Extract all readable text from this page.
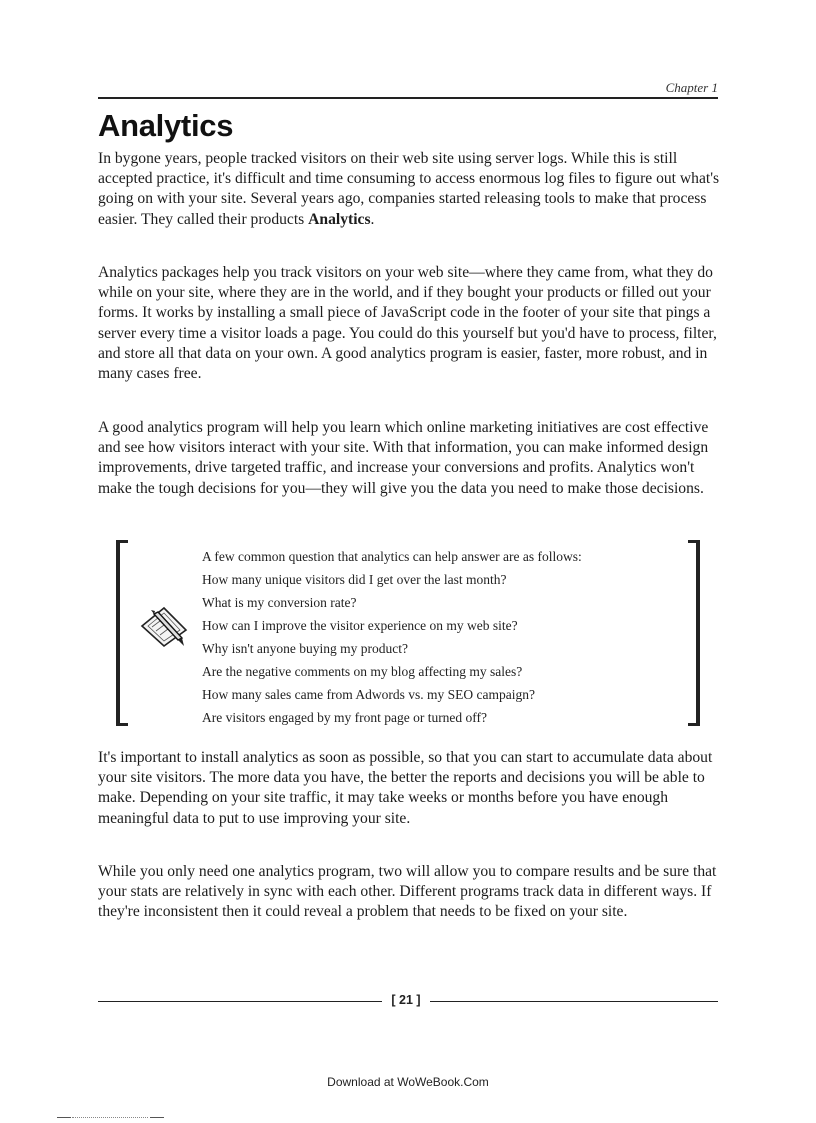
Chapter 1
Analytics

In bygone years, people tracked visitors on their web site using server logs. While this is still accepted practice, it's difficult and time consuming to access enormous log files to figure out what's going on with your site. Several years ago, companies started releasing tools to make that process easier. They called their products Analytics.

Analytics packages help you track visitors on your web site—where they came from, what they do while on your site, where they are in the world, and if they bought your products or filled out your forms. It works by installing a small piece of JavaScript code in the footer of your site that pings a server every time a visitor loads a page. You could do this yourself but you'd have to process, filter, and store all that data on your own. A good analytics program is easier, faster, more robust, and in many cases free.

A good analytics program will help you learn which online marketing initiatives are cost effective and see how visitors interact with your site. With that information, you can make informed design improvements, drive targeted traffic, and increase your conversions and profits. Analytics won't make the tough decisions for you—they will give you the data you need to make those decisions.

A few common question that analytics can help answer are as follows:
How many unique visitors did I get over the last month?
What is my conversion rate?
How can I improve the visitor experience on my web site?
Why isn't anyone buying my product?
Are the negative comments on my blog affecting my sales?
How many sales came from Adwords vs. my SEO campaign?
Are visitors engaged by my front page or turned off?

It's important to install analytics as soon as possible, so that you can start to accumulate data about your site visitors. The more data you have, the better the reports and decisions you will be able to make. Depending on your site traffic, it may take weeks or months before you have enough meaningful data to put to use improving your site.

While you only need one analytics program, two will allow you to compare results and be sure that your stats are relatively in sync with each other. Different programs track data in different ways. If they're inconsistent then it could reveal a problem that needs to be fixed on your site.

[ 21 ]
Download at WoWeBook.Com
